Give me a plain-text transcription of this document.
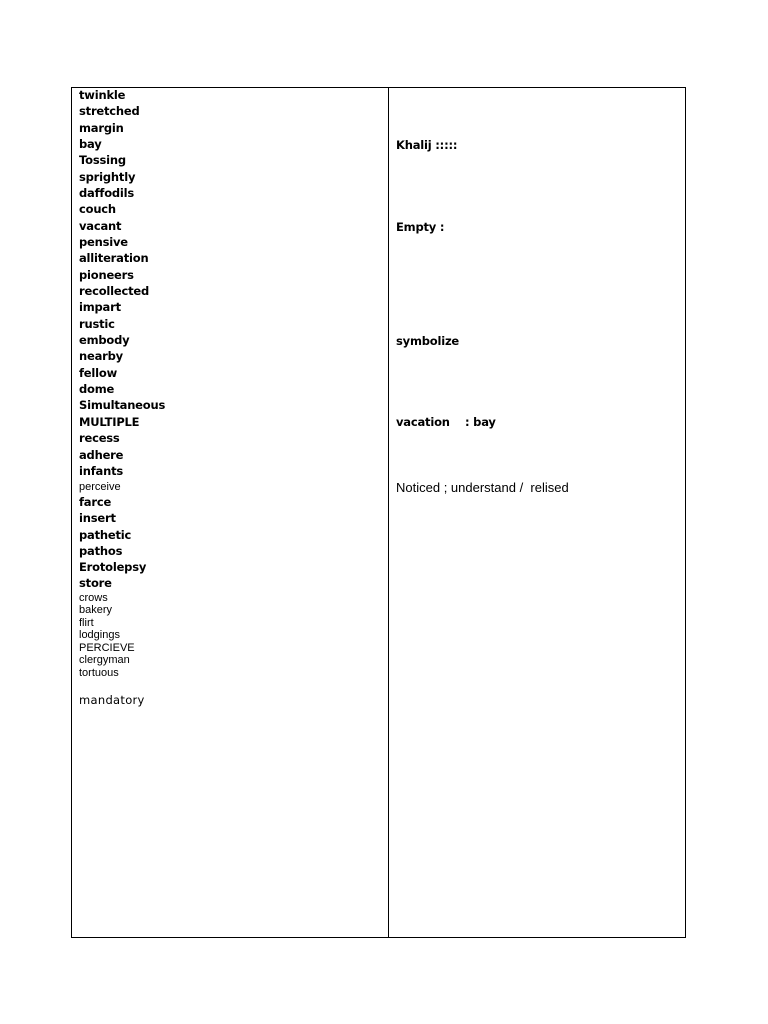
twinkle
stretched
margin
bay
Tossing
sprightly
daffodils
couch
vacant
pensive
alliteration
pioneers
recollected
impart
rustic
embody
nearby
fellow
dome
Simultaneous
MULTIPLE
recess
adhere
infants
perceive
farce
insert
pathetic
pathos
Erotolepsy
store
crows
bakery
flirt
lodgings
PERCIEVE
clergyman
tortuous
mandatory
Khalij :::::
Empty :
symbolize
vacation    : bay
Noticed ; understand /  relised
